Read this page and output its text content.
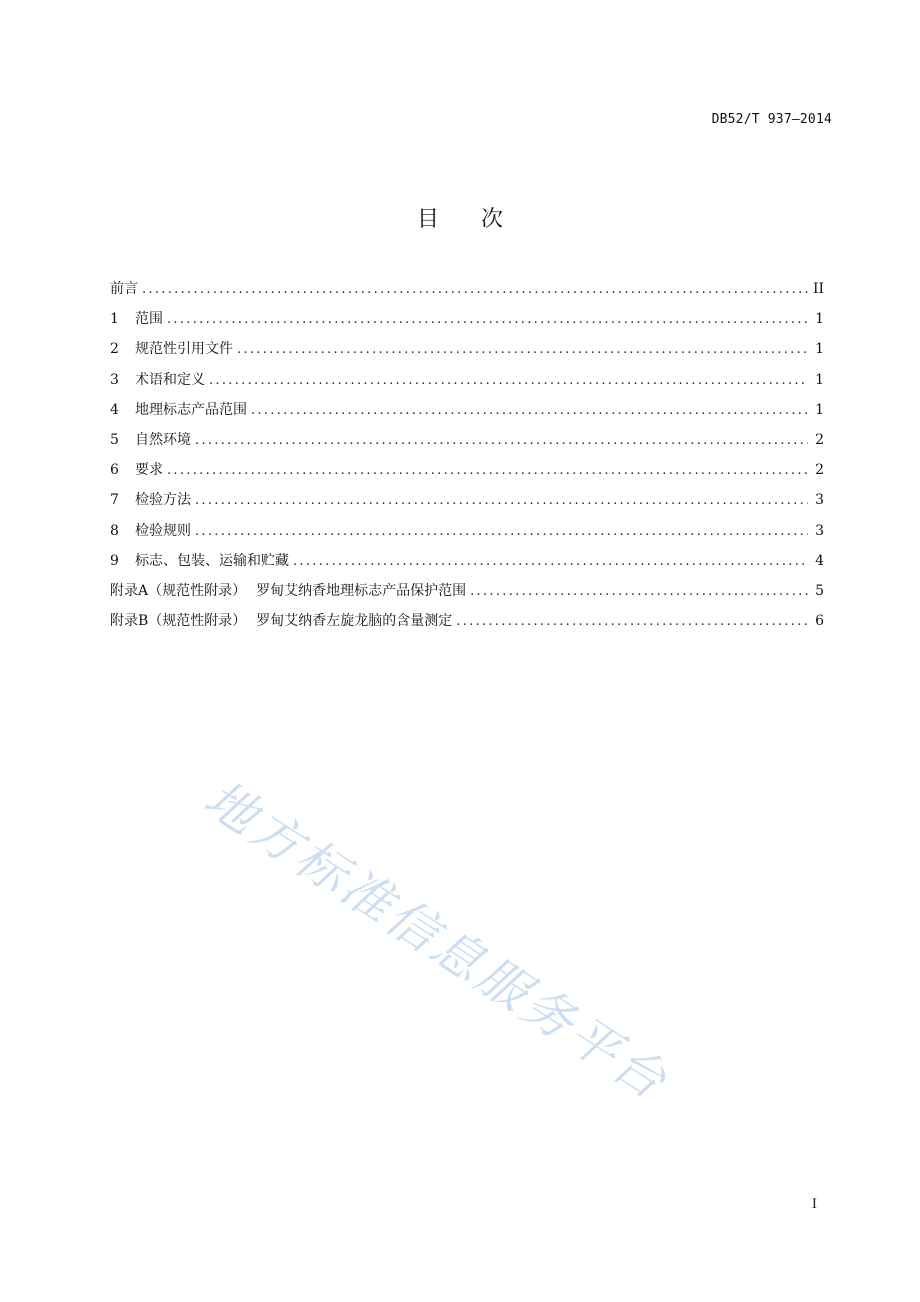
DB52/T 937—2014
目次
前言 .....	II
1	范围 .....	1
2	规范性引用文件 .....	1
3	术语和定义 .....	1
4	地理标志产品范围 .....	1
5	自然环境 .....	2
6	要求 .....	2
7	检验方法 .....	3
8	检验规则 .....	3
9	标志、包装、运输和贮藏 .....	4
附录A（规范性附录） 罗甸艾纳香地理标志产品保护范围 .....	5
附录B（规范性附录） 罗甸艾纳香左旋龙脑的含量测定 .....	6
地方标准信息服务平台
I
